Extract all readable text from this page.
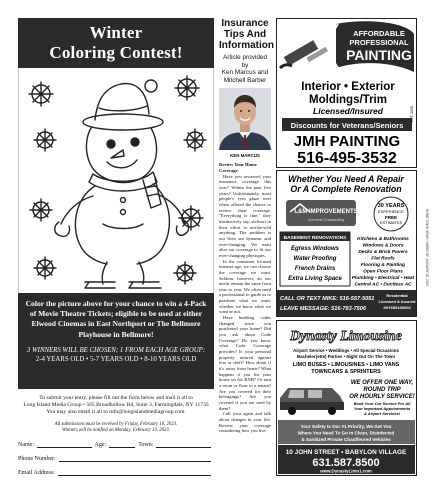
Winter
Coloring Contest!
Color the picture above for your chance to win a 4-Pack of Movie Theatre Tickets; eligible to be used at either Elwood Cinemas in East Northport or The Bellmore Playhouse in Bellmore!
3 WINNERS WILL BE CHOSEN; 1 FROM EACH AGE GROUP:
2-4 YEARS OLD • 5-7 YEARS OLD • 8-10 YEARS OLD
To submit your entry, please fill out the form below and mail it all to
Long Island Media Group • 565 Broadhollow Rd, Suite 3, Farmingdale, NY 11735
You may also email it all to info@longislandmediagroup.com.
All submissions must be received by Friday, February 10, 2023.
Winners will be notified on Monday, February 13, 2023.
Name:	Age:	Town:
Phone Number:
Email Address:
Insurance
Tips And
Information
Article provided by
Ken Marcus and
Mitchell Barber
KEN MARCUS
Review Your Home
Coverage

Have you reviewed your insurance coverage this year? Within the past five years? Unfortunately, most people's eyes glaze over when offered the chance to review their coverage. "Everything is fine," they instinctively say, stalwart in their effort to not-be-sold anything. The problem is our lives are dynamic and ever-changing. We must alter our coverage to fit our ever-changing physiques.

In the consumer focused internet age, we can choose the coverage we want. Seldom, however, do our needs remain the same from year to year. We often need a professional to guide us to purchase what we want; whether we know what we want or not.

Have building codes changed since you purchased your home? Did you ask about Code Coverage? Do you know what Code Coverage provides? Is your personal property insured against loss or theft? How about if it's away from home? What happens if you list your house on Air BNB? Or sent a room or floor to a tenant? Are you covered for their belongings? Are you covered if you are sued by them?

Call your agent and talk about changes in your life. Review your coverage considering how you live.

AFFORDABLE
PROFESSIONAL
PAINTING
Interior • Exterior
Moldings/Trim
Licensed/Insured
Discounts for Veterans/Seniors
JMH PAINTING
516-495-3532
EST. 2005
Whether You Need A Repair
Or A Complete Renovation
L&M IMPROVEMENTS
General Contracting
30 YEARS
EXPERIENCE
FREE
ESTIMATES
BASEMENT RENOVATIONS
Egress Windows
Water Proofing
French Drains
Extra Living Space
Kitchens & Bathrooms
Windows & Doors
Decks & Brick Pavers
Flat Roofs
Flooring & Painting
Open Floor Plans
Plumbing • Electrical • Heat
Central AC • Ductless AC
CALL OR TEXT MIKE: 516-557-5051
LEAVE MESSAGE: 516-783-7506
Residential
Licensed & Insured
#H7650190000
Dynasty Limousine
Airport Service • Weddings • All Special Occasions
Bachelor(ette) Parties • Night Out On The Town
LIMO BUSES • LIMOUSINES • LIMO VANS
TOWNCARS & SPRINTERS
WE OFFER ONE WAY,
ROUND TRIP
OR HOURLY SERVICE!
Book Your Car Service For All
Your Important Appointments
& Airport Services!
Your Safety Is Our #1 Priority, We Get You
Where You Need To Go In Clean, Disinfected
& Sanitized Private Chauffeured Vehicles
10 JOHN STREET • BABYLON VILLAGE
631.587.8500
www.DynastyLimo1.com
HOME TOWN NEWS • WEEK OF JANUARY 26, 2023
